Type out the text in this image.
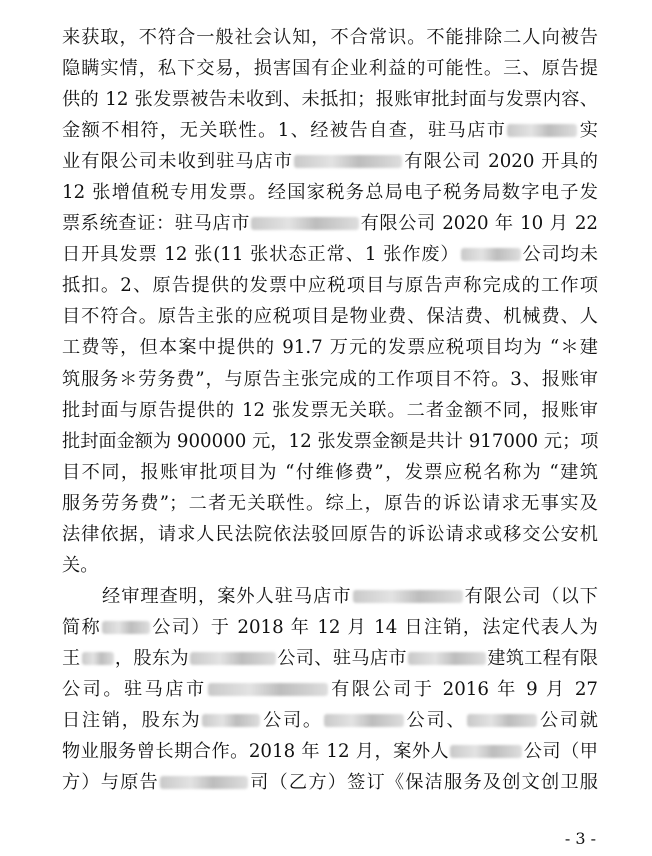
来获取，不符合一般社会认知，不合常识。不能排除二人向被告
隐瞒实情，私下交易，损害国有企业利益的可能性。三、原告提
供的 12 张发票被告未收到、未抵扣；报账审批封面与发票内容、
金额不相符，无关联性。1、经被告自查，驻马店市	实
业有限公司未收到驻马店市	有限公司 2020 开具的
12 张增值税专用发票。经国家税务总局电子税务局数字电子发
票系统查证：驻马店市	有限公司 2020 年 10 月 22
日开具发票 12 张(11 张状态正常、1 张作废）	公司均未
抵扣。2、原告提供的发票中应税项目与原告声称完成的工作项
目不符合。原告主张的应税项目是物业费、保洁费、机械费、人
工费等，但本案中提供的 91.7 万元的发票应税项目均为 “＊建
筑服务＊劳务费”，与原告主张完成的工作项目不符。3、报账审
批封面与原告提供的 12 张发票无关联。二者金额不同，报账审
批封面金额为 900000 元，12 张发票金额是共计 917000 元；项
目不同，报账审批项目为 “付维修费”，发票应税名称为 “建筑
服务劳务费”；二者无关联性。综上，原告的诉讼请求无事实及
法律依据，请求人民法院依法驳回原告的诉讼请求或移交公安机
关。
经审理查明，案外人驻马店市	有限公司（以下
简称	公司）于 2018 年 12 月 14 日注销，法定代表人为
王 ，股东为	公司、驻马店市	建筑工程有限
公司。驻马店市	有限公司于 2016 年 9 月 27
日注销，股东为	公司。	公司、	公司就
物业服务曾长期合作。2018 年 12 月，案外人	公司（甲
方）与原告	司（乙方）签订《保洁服务及创文创卫服
- 3 -
